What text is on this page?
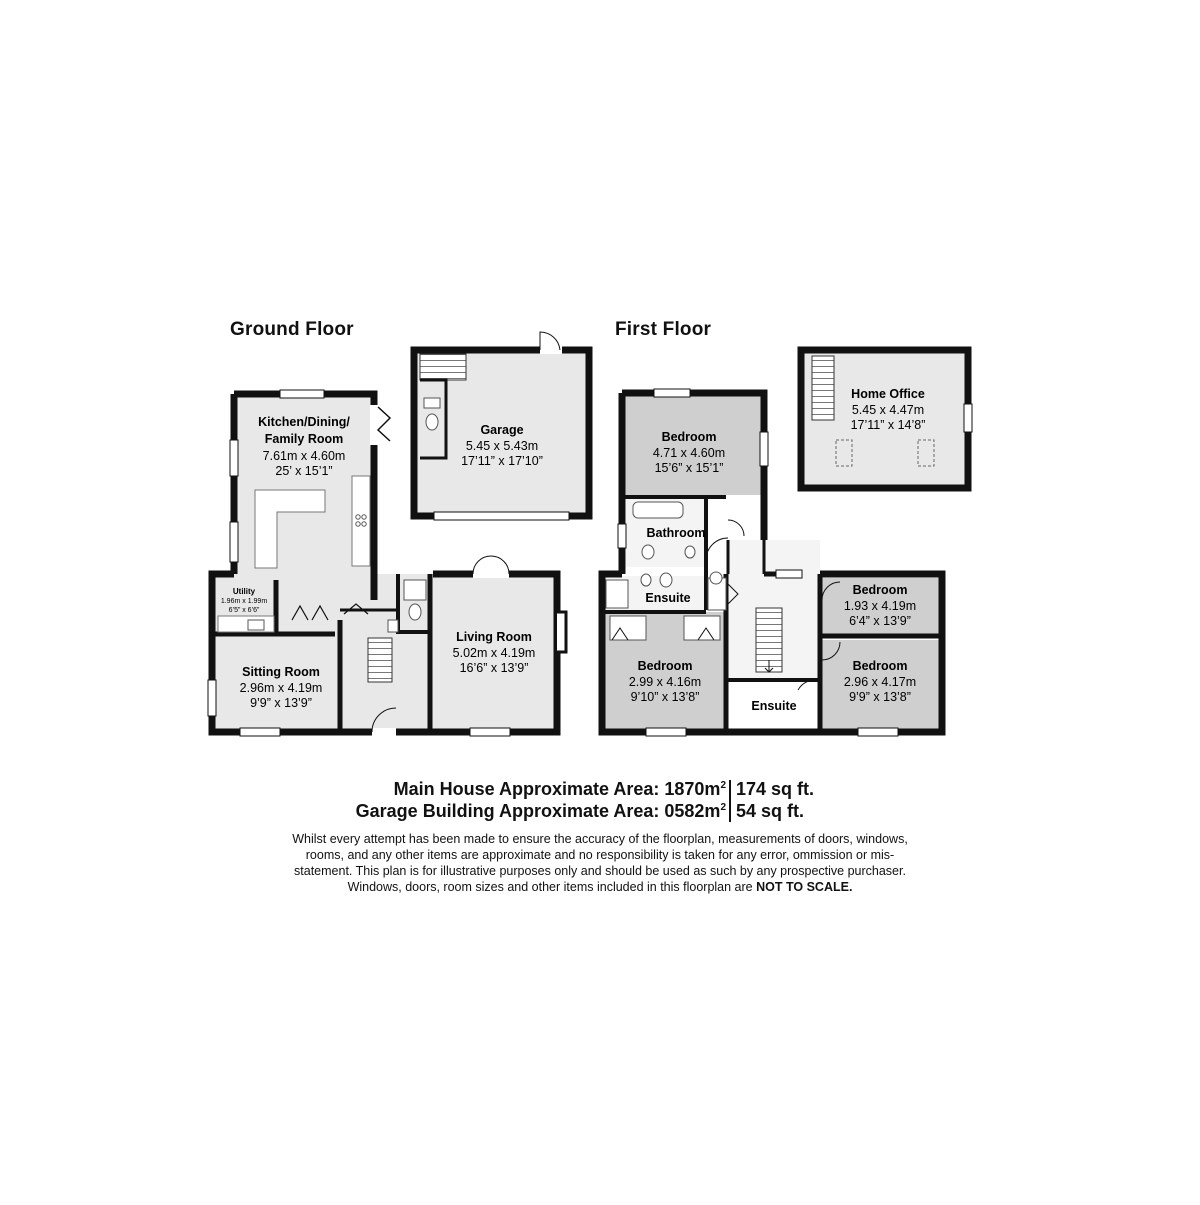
Kitchen/Dining/
Family Room
7.61m x 4.60m
25’ x 15’1”
Utility
1.96m x 1.99m
6’5” x 6’6”
Sitting Room
2.96m x 4.19m
9’9” x 13’9”
Living Room
5.02m x 4.19m
16’6” x 13’9”
Garage
5.45 x 5.43m
17’11” x 17’10”
Bedroom
4.71 x 4.60m
15’6” x 15’1”
Bathroom
Ensuite
Bedroom
2.99 x 4.16m
9’10” x 13’8”
Ensuite
Bedroom
1.93 x 4.19m
6’4” x 13’9”
Bedroom
2.96 x 4.17m
9’9” x 13’8”
Home Office
5.45 x 4.47m
17’11” x 14’8”
Ground Floor	First Floor
Main House Approximate Area: $1870m^2$ 174 sq ft.
Garage Building Approximate Area: $0582m^2$ 54 sq ft.
Whilst every attempt has been made to ensure the accuracy of the floorplan, measurements of doors, windows, rooms, and any other items are approximate and no responsibility is taken for any error, ommission or mis-statement. This plan is for illustrative purposes only and should be used as such by any prospective purchaser. Windows, doors, room sizes and other items included in this floorplan are NOT TO SCALE.
